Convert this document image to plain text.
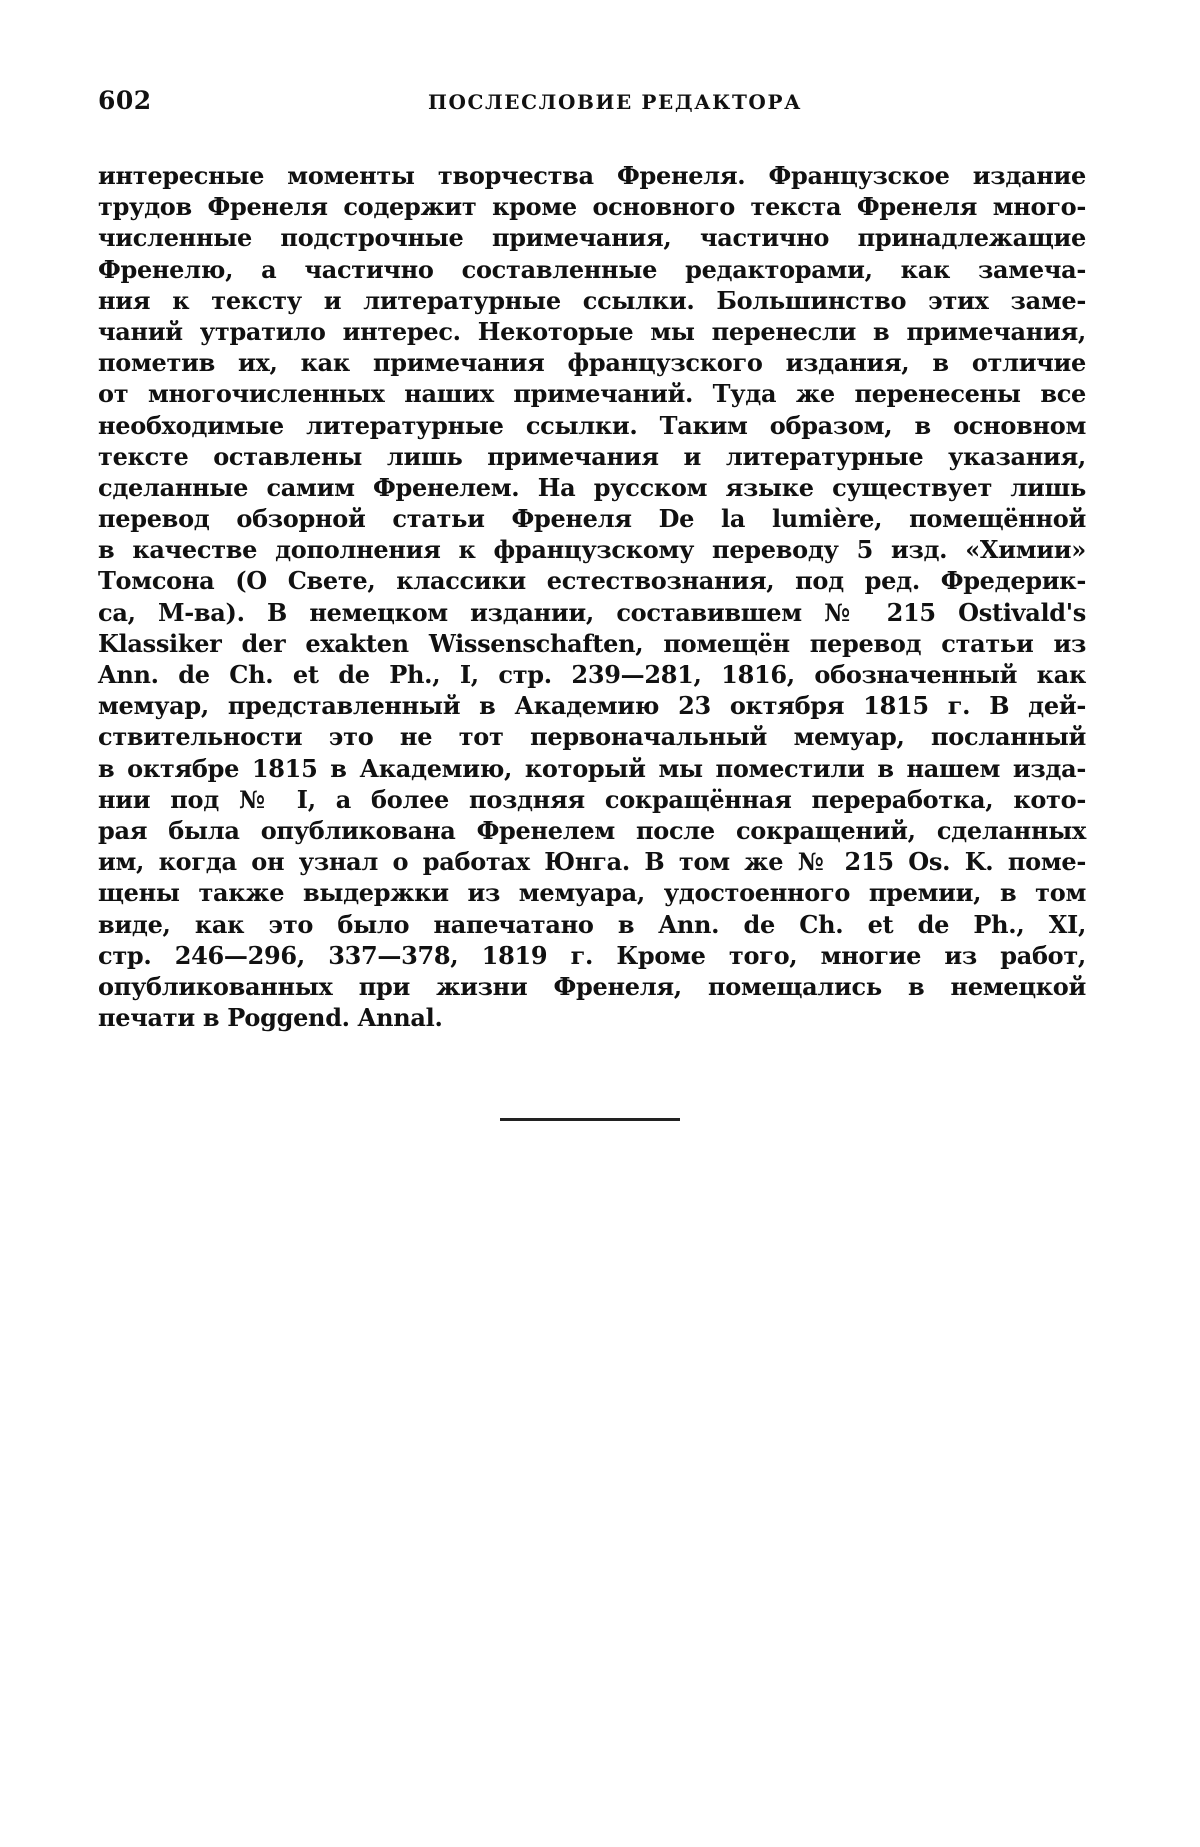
602	ПОСЛЕСЛОВИЕ РЕДАКТОРА
интересные моменты творчества Френеля. Французское издание
трудов Френеля содержит кроме основного текста Френеля много-
численные подстрочные примечания, частично принадлежащие
Френелю, а частично составленные редакторами, как замеча-
ния к тексту и литературные ссылки. Большинство этих заме-
чаний утратило интерес. Некоторые мы перенесли в примечания,
пометив их, как примечания французского издания, в отличие
от многочисленных наших примечаний. Туда же перенесены все
необходимые литературные ссылки. Таким образом, в основном
тексте оставлены лишь примечания и литературные указания,
сделанные самим Френелем. На русском языке существует лишь
перевод обзорной статьи Френеля De la lumière, помещённой
в качестве дополнения к французскому переводу 5 изд. «Химии»
Томсона (О Свете, классики естествознания, под ред. Фредерик-
са, М-ва). В немецком издании, составившем № 215 Ostivald's
Klassiker der exakten Wissenschaften, помещён перевод статьи из
Ann. de Ch. et de Ph., I, стр. 239—281, 1816, обозначенный как
мемуар, представленный в Академию 23 октября 1815 г. В дей-
ствительности это не тот первоначальный мемуар, посланный
в октябре 1815 в Академию, который мы поместили в нашем изда-
нии под № I, а более поздняя сокращённая переработка, кото-
рая была опубликована Френелем после сокращений, сделанных
им, когда он узнал о работах Юнга. В том же № 215 Os. K. поме-
щены также выдержки из мемуара, удостоенного премии, в том
виде, как это было напечатано в Ann. de Ch. et de Ph., XI,
стр. 246—296, 337—378, 1819 г. Кроме того, многие из работ,
опубликованных при жизни Френеля, помещались в немецкой
печати в Poggend. Annal.
